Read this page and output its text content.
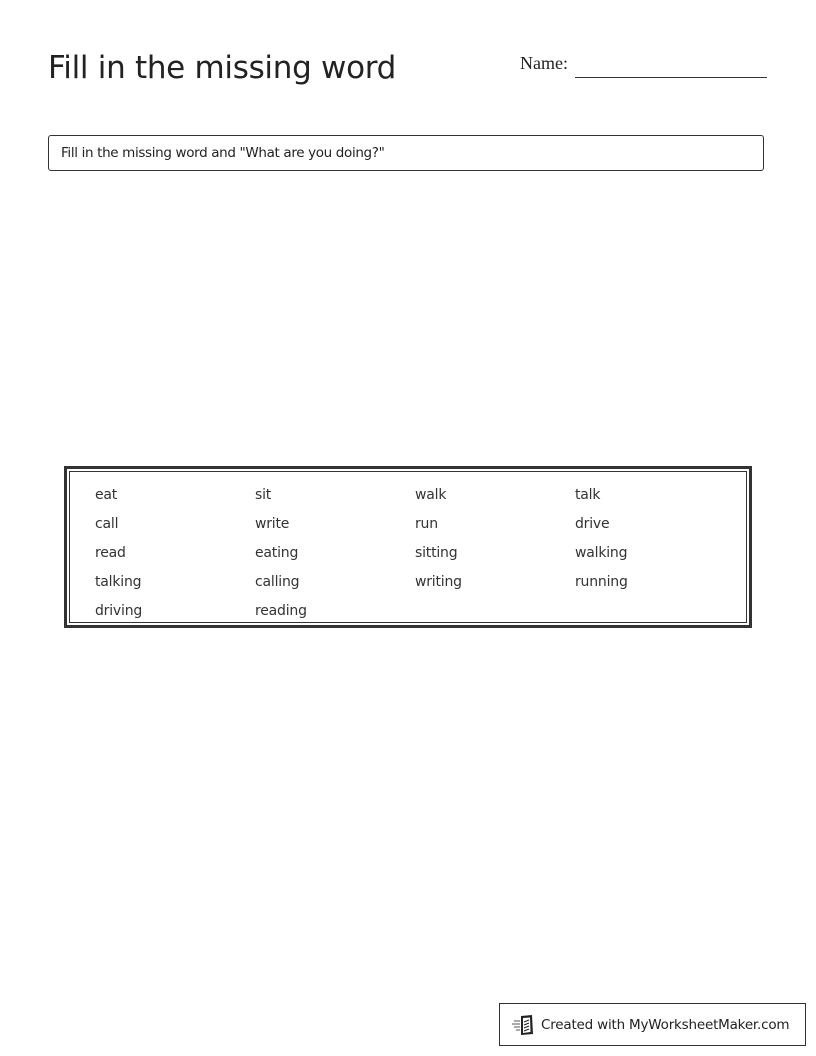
Fill in the missing word	Name:
Fill in the missing word and "What are you doing?"
eat	sit	walk	talk
call	write	run	drive
read	eating	sitting	walking
talking	calling	writing	running
driving	reading
Created with MyWorksheetMaker.com
